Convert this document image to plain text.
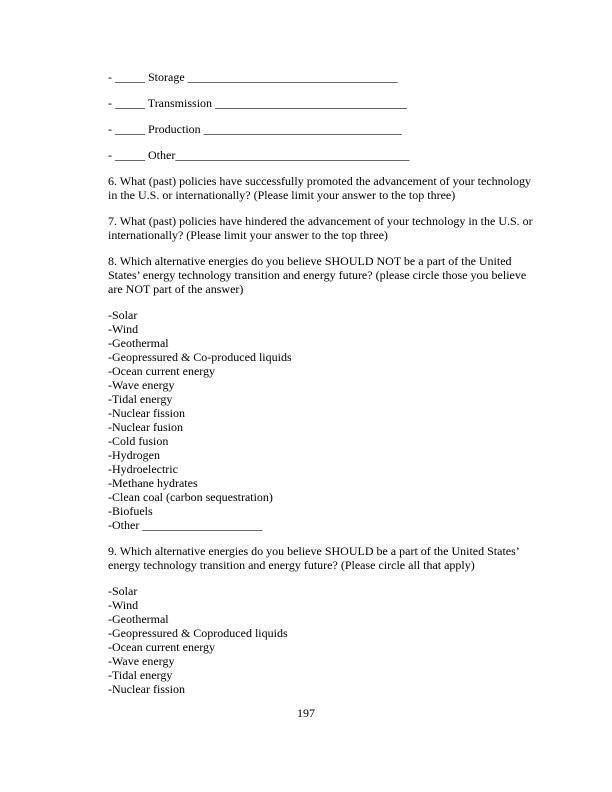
- _____ Storage ___________________________________
- _____ Transmission ________________________________
- _____ Production _________________________________
- _____ Other_______________________________________
6. What (past) policies have successfully promoted the advancement of your technology in the U.S. or internationally? (Please limit your answer to the top three)
7. What (past) policies have hindered the advancement of your technology in the U.S. or internationally? (Please limit your answer to the top three)
8. Which alternative energies do you believe SHOULD NOT be a part of the United States’ energy technology transition and energy future? (please circle those you believe are NOT part of the answer)
-Solar
-Wind
-Geothermal
-Geopressured & Co-produced liquids
-Ocean current energy
-Wave energy
-Tidal energy
-Nuclear fission
-Nuclear fusion
-Cold fusion
-Hydrogen
-Hydroelectric
-Methane hydrates
-Clean coal (carbon sequestration)
-Biofuels
-Other ____________________
9. Which alternative energies do you believe SHOULD be a part of the United States’ energy technology transition and energy future? (Please circle all that apply)
-Solar
-Wind
-Geothermal
-Geopressured & Coproduced liquids
-Ocean current energy
-Wave energy
-Tidal energy
-Nuclear fission
197
